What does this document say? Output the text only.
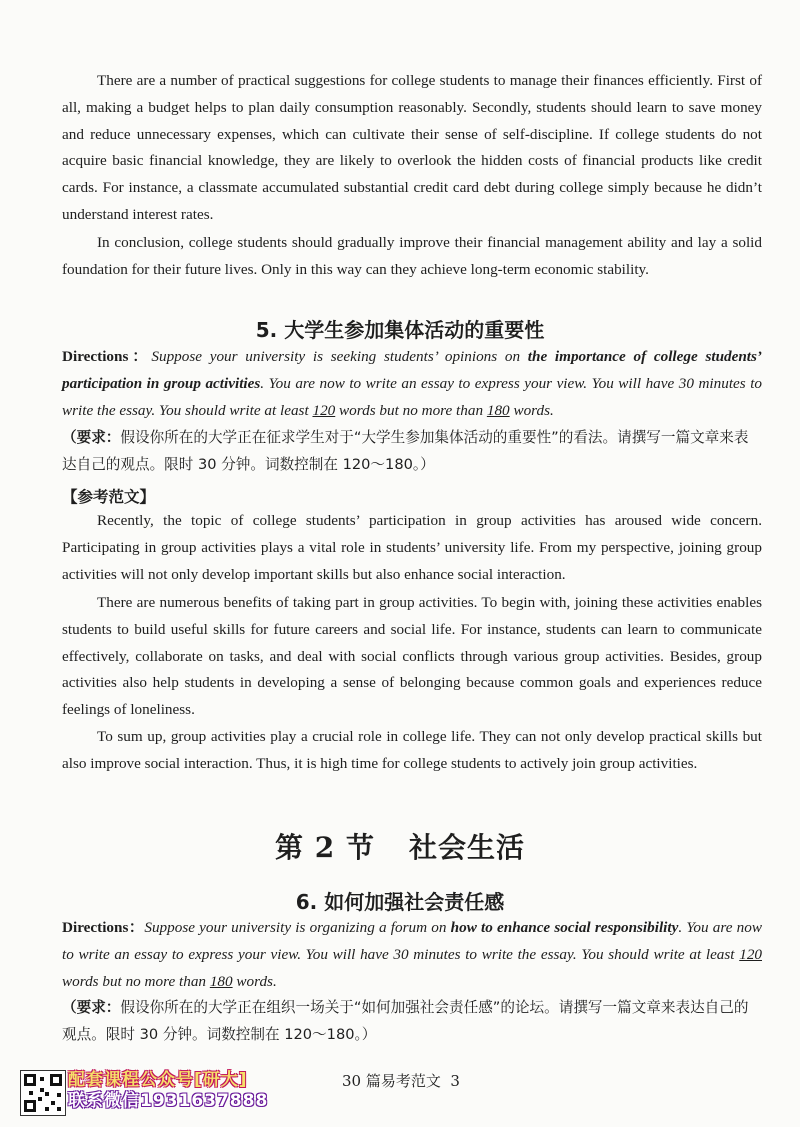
There are a number of practical suggestions for college students to manage their finances efficiently. First of all, making a budget helps to plan daily consumption reasonably. Secondly, students should learn to save money and reduce unnecessary expenses, which can cultivate their sense of self-discipline. If college students do not acquire basic financial knowledge, they are likely to overlook the hidden costs of financial products like credit cards. For instance, a classmate accumulated substantial credit card debt during college simply because he didn’t understand interest rates.

In conclusion, college students should gradually improve their financial management ability and lay a solid foundation for their future lives. Only in this way can they achieve long-term economic stability.

5. 大学生参加集体活动的重要性

Directions：Suppose your university is seeking students’ opinions on the importance of college students’ participation in group activities. You are now to write an essay to express your view. You will have 30 minutes to write the essay. You should write at least 120 words but no more than 180 words.

（要求：假设你所在的大学正在征求学生对于“大学生参加集体活动的重要性”的看法。请撰写一篇文章来表达自己的观点。限时 30 分钟。词数控制在 120～180。）

【参考范文】

Recently, the topic of college students’ participation in group activities has aroused wide concern. Participating in group activities plays a vital role in students’ university life. From my perspective, joining group activities will not only develop important skills but also enhance social interaction.

There are numerous benefits of taking part in group activities. To begin with, joining these activities enables students to build useful skills for future careers and social life. For instance, students can learn to communicate effectively, collaborate on tasks, and deal with social conflicts through various group activities. Besides, group activities also help students in developing a sense of belonging because common goals and experiences reduce feelings of loneliness.

To sum up, group activities play a crucial role in college life. They can not only develop practical skills but also improve social interaction. Thus, it is high time for college students to actively join group activities.

第 2 节 社会生活
6. 如何加强社会责任感

Directions：Suppose your university is organizing a forum on how to enhance social responsibility. You are now to write an essay to express your view. You will have 30 minutes to write the essay. You should write at least 120 words but no more than 180 words.

（要求：假设你所在的大学正在组织一场关于“如何加强社会责任感”的论坛。请撰写一篇文章来表达自己的观点。限时 30 分钟。词数控制在 120～180。）

配套课程公众号[研大]
联系微信1931637888
30 篇易考范文 3
